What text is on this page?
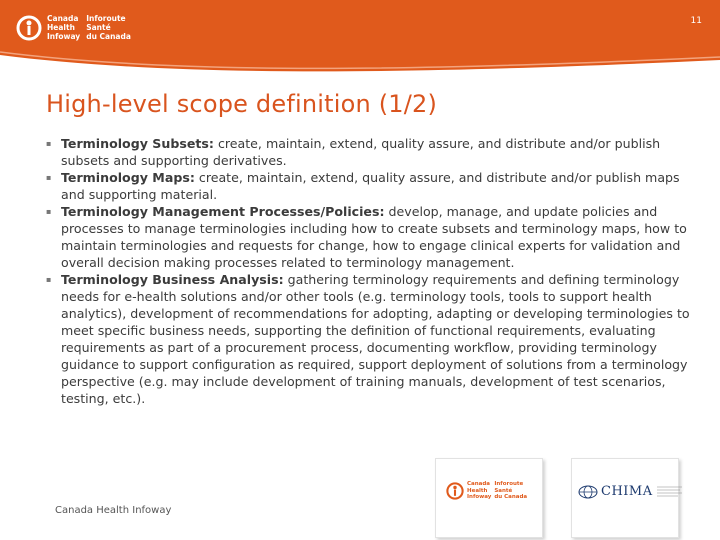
Canada
Health
Infoway
Inforoute
Santé
du Canada
11
High-level scope definition (1/2)
▪ Terminology Subsets: create, maintain, extend, quality assure, and distribute and/or publish subsets and supporting derivatives.
▪ Terminology Maps: create, maintain, extend, quality assure, and distribute and/or publish maps and supporting material.
▪ Terminology Management Processes/Policies: develop, manage, and update policies and processes to manage terminologies including how to create subsets and terminology maps, how to maintain terminologies and requests for change, how to engage clinical experts for validation and overall decision making processes related to terminology management.
▪ Terminology Business Analysis: gathering terminology requirements and defining terminology needs for e-health solutions and/or other tools (e.g. terminology tools, tools to support health analytics), development of recommendations for adopting, adapting or developing terminologies to meet specific business needs, supporting the definition of functional requirements, evaluating requirements as part of a procurement process, documenting workflow, providing terminology guidance to support configuration as required, support deployment of solutions from a terminology perspective (e.g. may include development of training manuals, development of test scenarios, testing, etc.).
Canada Health Infoway
Canada
Health
Infoway
Inforoute
Santé
du Canada	CHIMA
